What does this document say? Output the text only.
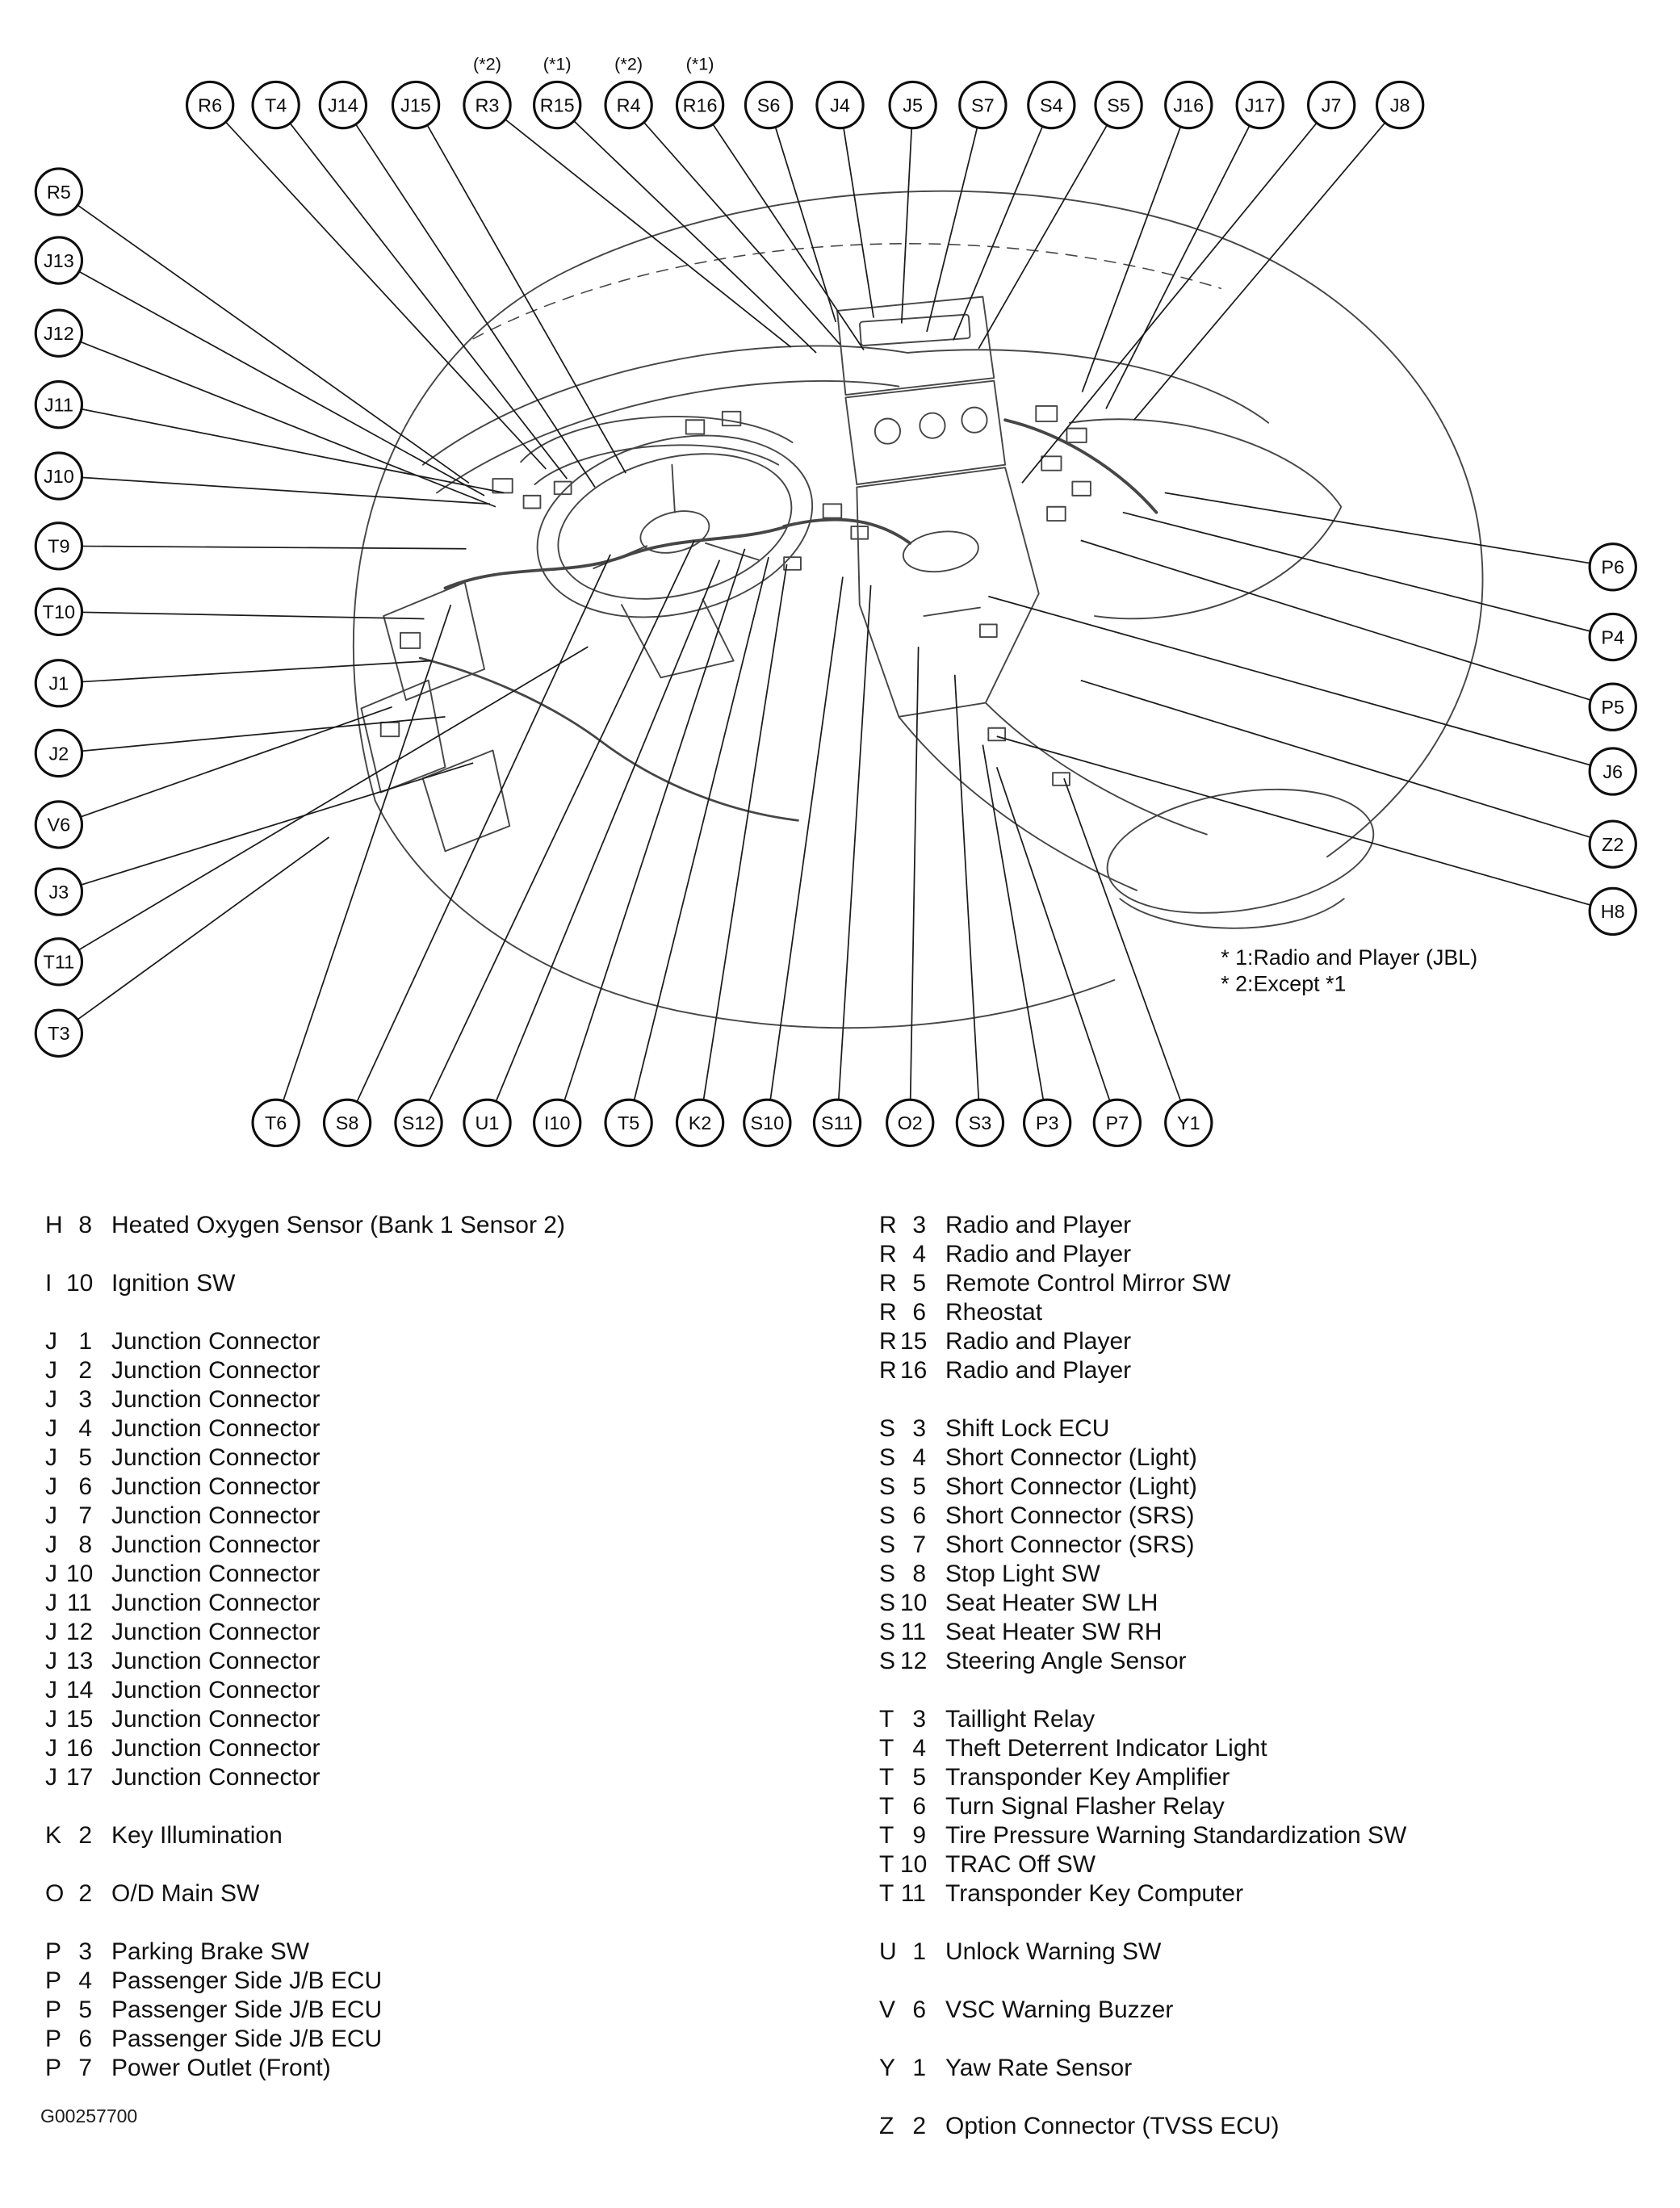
R6	T4	J14	J15	R3
(*2)
R15
(*1)
R4
(*2)
R16
(*1)
S6	J4	J5	S7	S4	S5	J16	J17	J7	J8
R5
J13
J12
J11
J10
T9
T10
J1
J2
V6
J3
T11
T3
P6
P4
P5
J6
Z2
H8
T6	S8	S12	U1	I10	T5	K2	S10	S11	O2	S3	P3	P7	Y1
* 1:Radio and Player (JBL)
* 2:Except *1
H 8 Heated Oxygen Sensor (Bank 1 Sensor 2)
I 10 Ignition SW
J 1 Junction Connector
J 2 Junction Connector
J 3 Junction Connector
J 4 Junction Connector
J 5 Junction Connector
J 6 Junction Connector
J 7 Junction Connector
J 8 Junction Connector
J 10 Junction Connector
J 11 Junction Connector
J 12 Junction Connector
J 13 Junction Connector
J 14 Junction Connector
J 15 Junction Connector
J 16 Junction Connector
J 17 Junction Connector
K 2 Key Illumination
O 2 O/D Main SW
P 3 Parking Brake SW
P 4 Passenger Side J/B ECU
P 5 Passenger Side J/B ECU
P 6 Passenger Side J/B ECU
P 7 Power Outlet (Front)
R 3 Radio and Player
R 4 Radio and Player
R 5 Remote Control Mirror SW
R 6 Rheostat
R 15 Radio and Player
R 16 Radio and Player
S 3 Shift Lock ECU
S 4 Short Connector (Light)
S 5 Short Connector (Light)
S 6 Short Connector (SRS)
S 7 Short Connector (SRS)
S 8 Stop Light SW
S 10 Seat Heater SW LH
S 11 Seat Heater SW RH
S 12 Steering Angle Sensor
T 3 Taillight Relay
T 4 Theft Deterrent Indicator Light
T 5 Transponder Key Amplifier
T 6 Turn Signal Flasher Relay
T 9 Tire Pressure Warning Standardization SW
T 10 TRAC Off SW
T 11 Transponder Key Computer
U 1 Unlock Warning SW
V 6 VSC Warning Buzzer
Y 1 Yaw Rate Sensor
Z 2 Option Connector (TVSS ECU)
G00257700
